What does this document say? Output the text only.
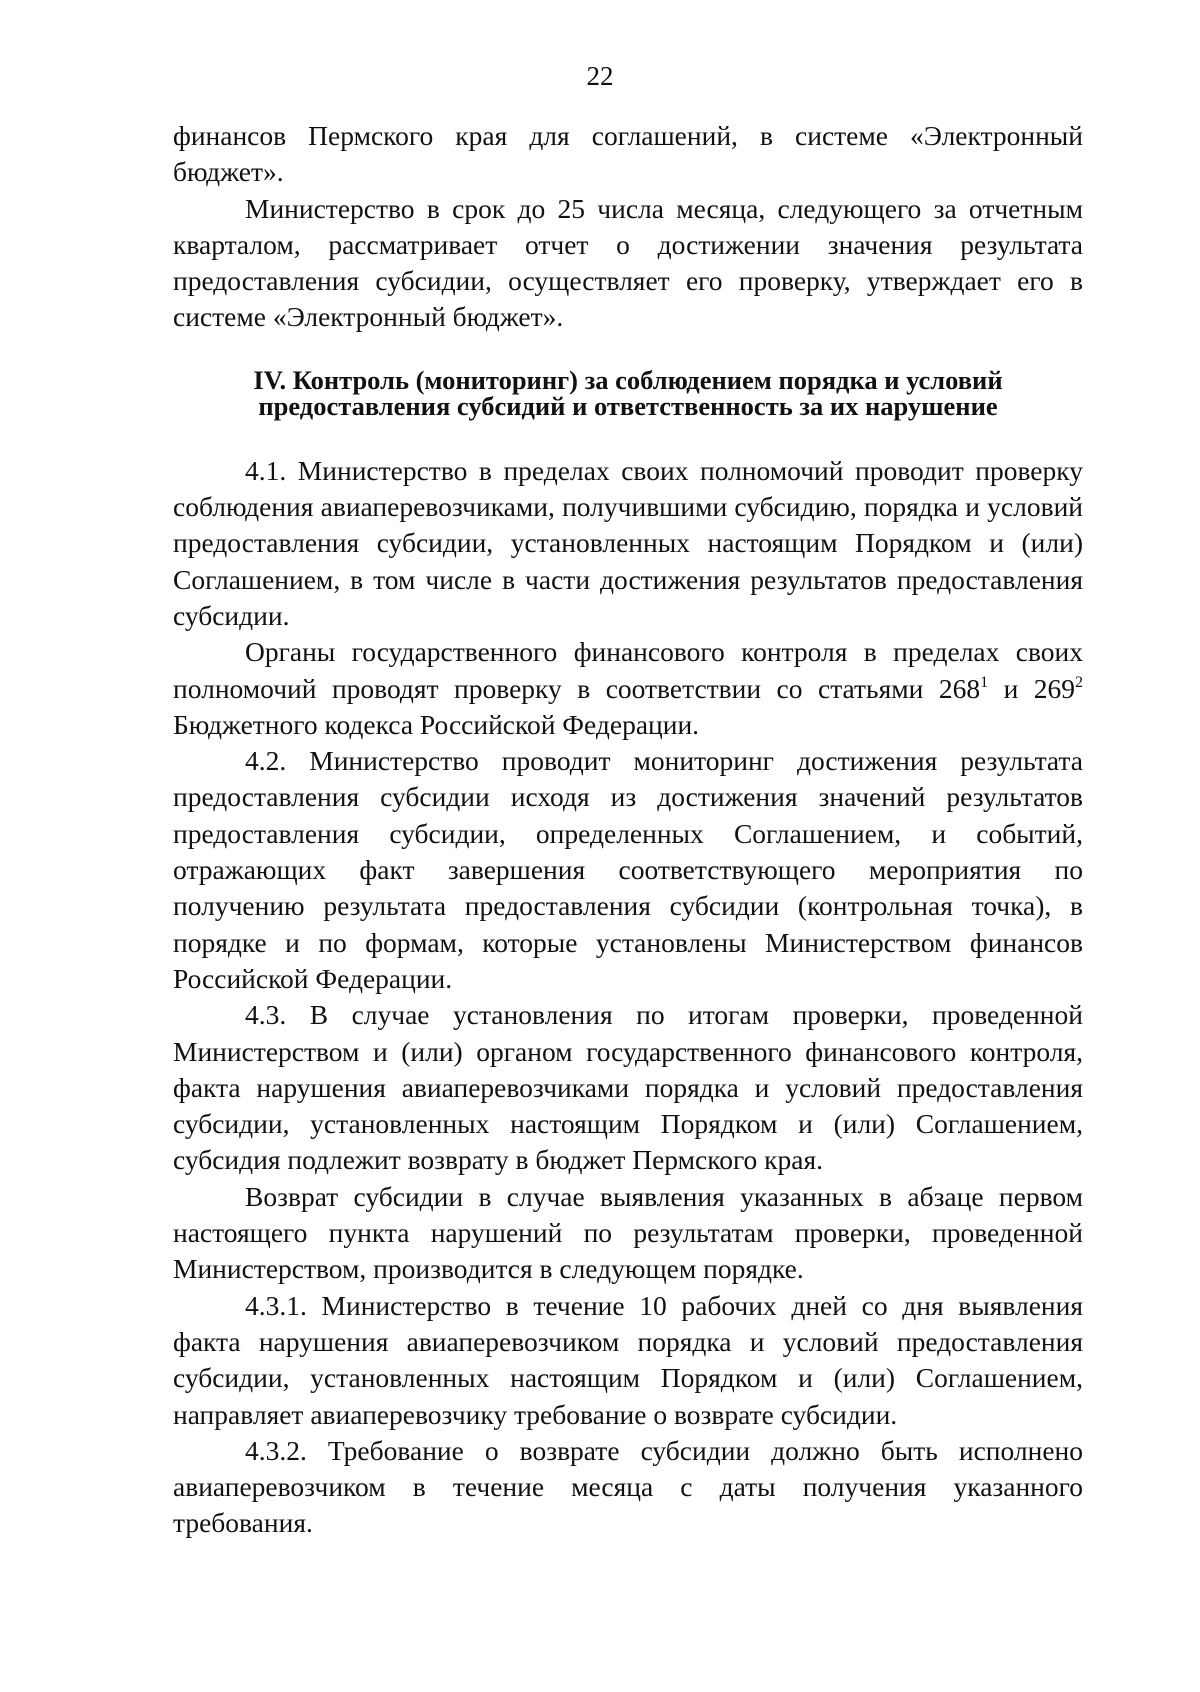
22

финансов Пермского края для соглашений, в системе «Электронный бюджет».

Министерство в срок до 25 числа месяца, следующего за отчетным кварталом, рассматривает отчет о достижении значения результата предоставления субсидии, осуществляет его проверку, утверждает его в системе «Электронный бюджет».

IV. Контроль (мониторинг) за соблюдением порядка и условий
предоставления субсидий и ответственность за их нарушение

4.1. Министерство в пределах своих полномочий проводит проверку соблюдения авиаперевозчиками, получившими субсидию, порядка и условий предоставления субсидии, установленных настоящим Порядком и (или) Соглашением, в том числе в части достижения результатов предоставления субсидии.

Органы государственного финансового контроля в пределах своих полномочий проводят проверку в соответствии со статьями $268^1$ и $269^2$ Бюджетного кодекса Российской Федерации.

4.2. Министерство проводит мониторинг достижения результата предоставления субсидии исходя из достижения значений результатов предоставления субсидии, определенных Соглашением, и событий, отражающих факт завершения соответствующего мероприятия по получению результата предоставления субсидии (контрольная точка), в порядке и по формам, которые установлены Министерством финансов Российской Федерации.

4.3. В случае установления по итогам проверки, проведенной Министерством и (или) органом государственного финансового контроля, факта нарушения авиаперевозчиками порядка и условий предоставления субсидии, установленных настоящим Порядком и (или) Соглашением, субсидия подлежит возврату в бюджет Пермского края.

Возврат субсидии в случае выявления указанных в абзаце первом настоящего пункта нарушений по результатам проверки, проведенной Министерством, производится в следующем порядке.

4.3.1. Министерство в течение 10 рабочих дней со дня выявления факта нарушения авиаперевозчиком порядка и условий предоставления субсидии, установленных настоящим Порядком и (или) Соглашением, направляет авиаперевозчику требование о возврате субсидии.

4.3.2. Требование о возврате субсидии должно быть исполнено авиаперевозчиком в течение месяца с даты получения указанного требования.
